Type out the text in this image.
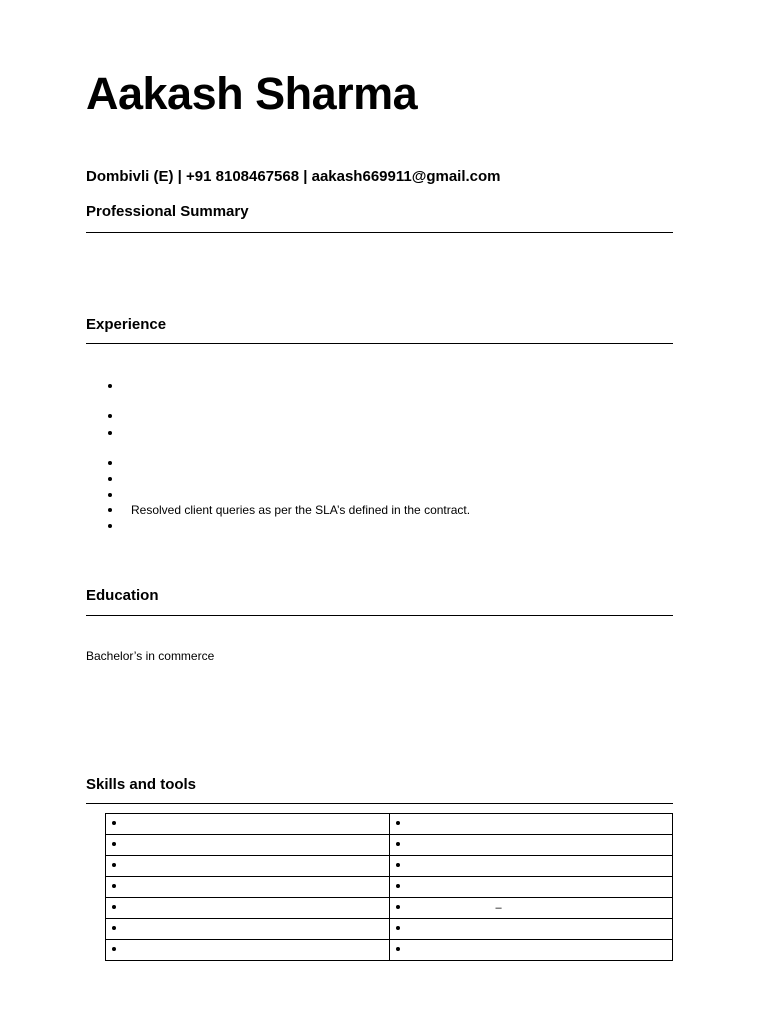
Aakash Sharma
Dombivli (E) | +91 8108467568 | aakash669911@gmail.com
Professional Summary
Experience
Resolved client queries as per the SLA’s defined in the contract.
Education
Bachelor’s in commerce
Skills and tools

	–
